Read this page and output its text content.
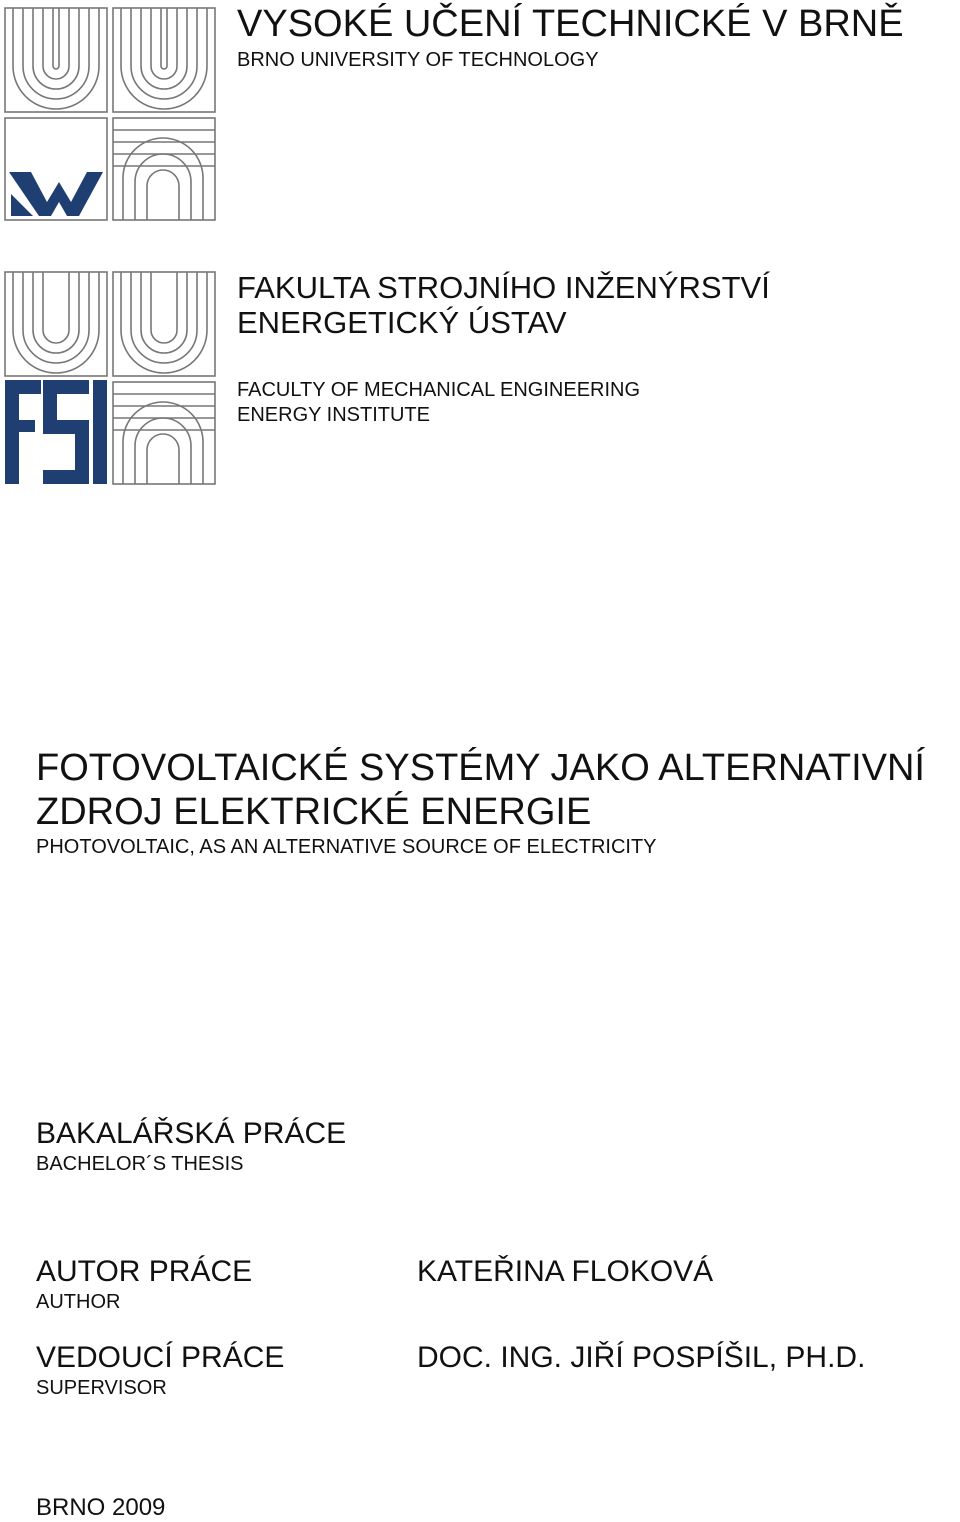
VYSOKÉ UČENÍ TECHNICKÉ V BRNĚ
BRNO UNIVERSITY OF TECHNOLOGY
FAKULTA STROJNÍHO INŽENÝRSTVÍ
ENERGETICKÝ ÚSTAV
FACULTY OF MECHANICAL ENGINEERING
ENERGY INSTITUTE
FOTOVOLTAICKÉ SYSTÉMY JAKO ALTERNATIVNÍ
ZDROJ ELEKTRICKÉ ENERGIE
PHOTOVOLTAIC, AS AN ALTERNATIVE SOURCE OF ELECTRICITY
BAKALÁŘSKÁ PRÁCE
BACHELOR´S THESIS
AUTOR PRÁCE
AUTHOR
KATEŘINA FLOKOVÁ
VEDOUCÍ PRÁCE
SUPERVISOR
DOC. ING. JIŘÍ POSPÍŠIL, PH.D.
BRNO 2009
